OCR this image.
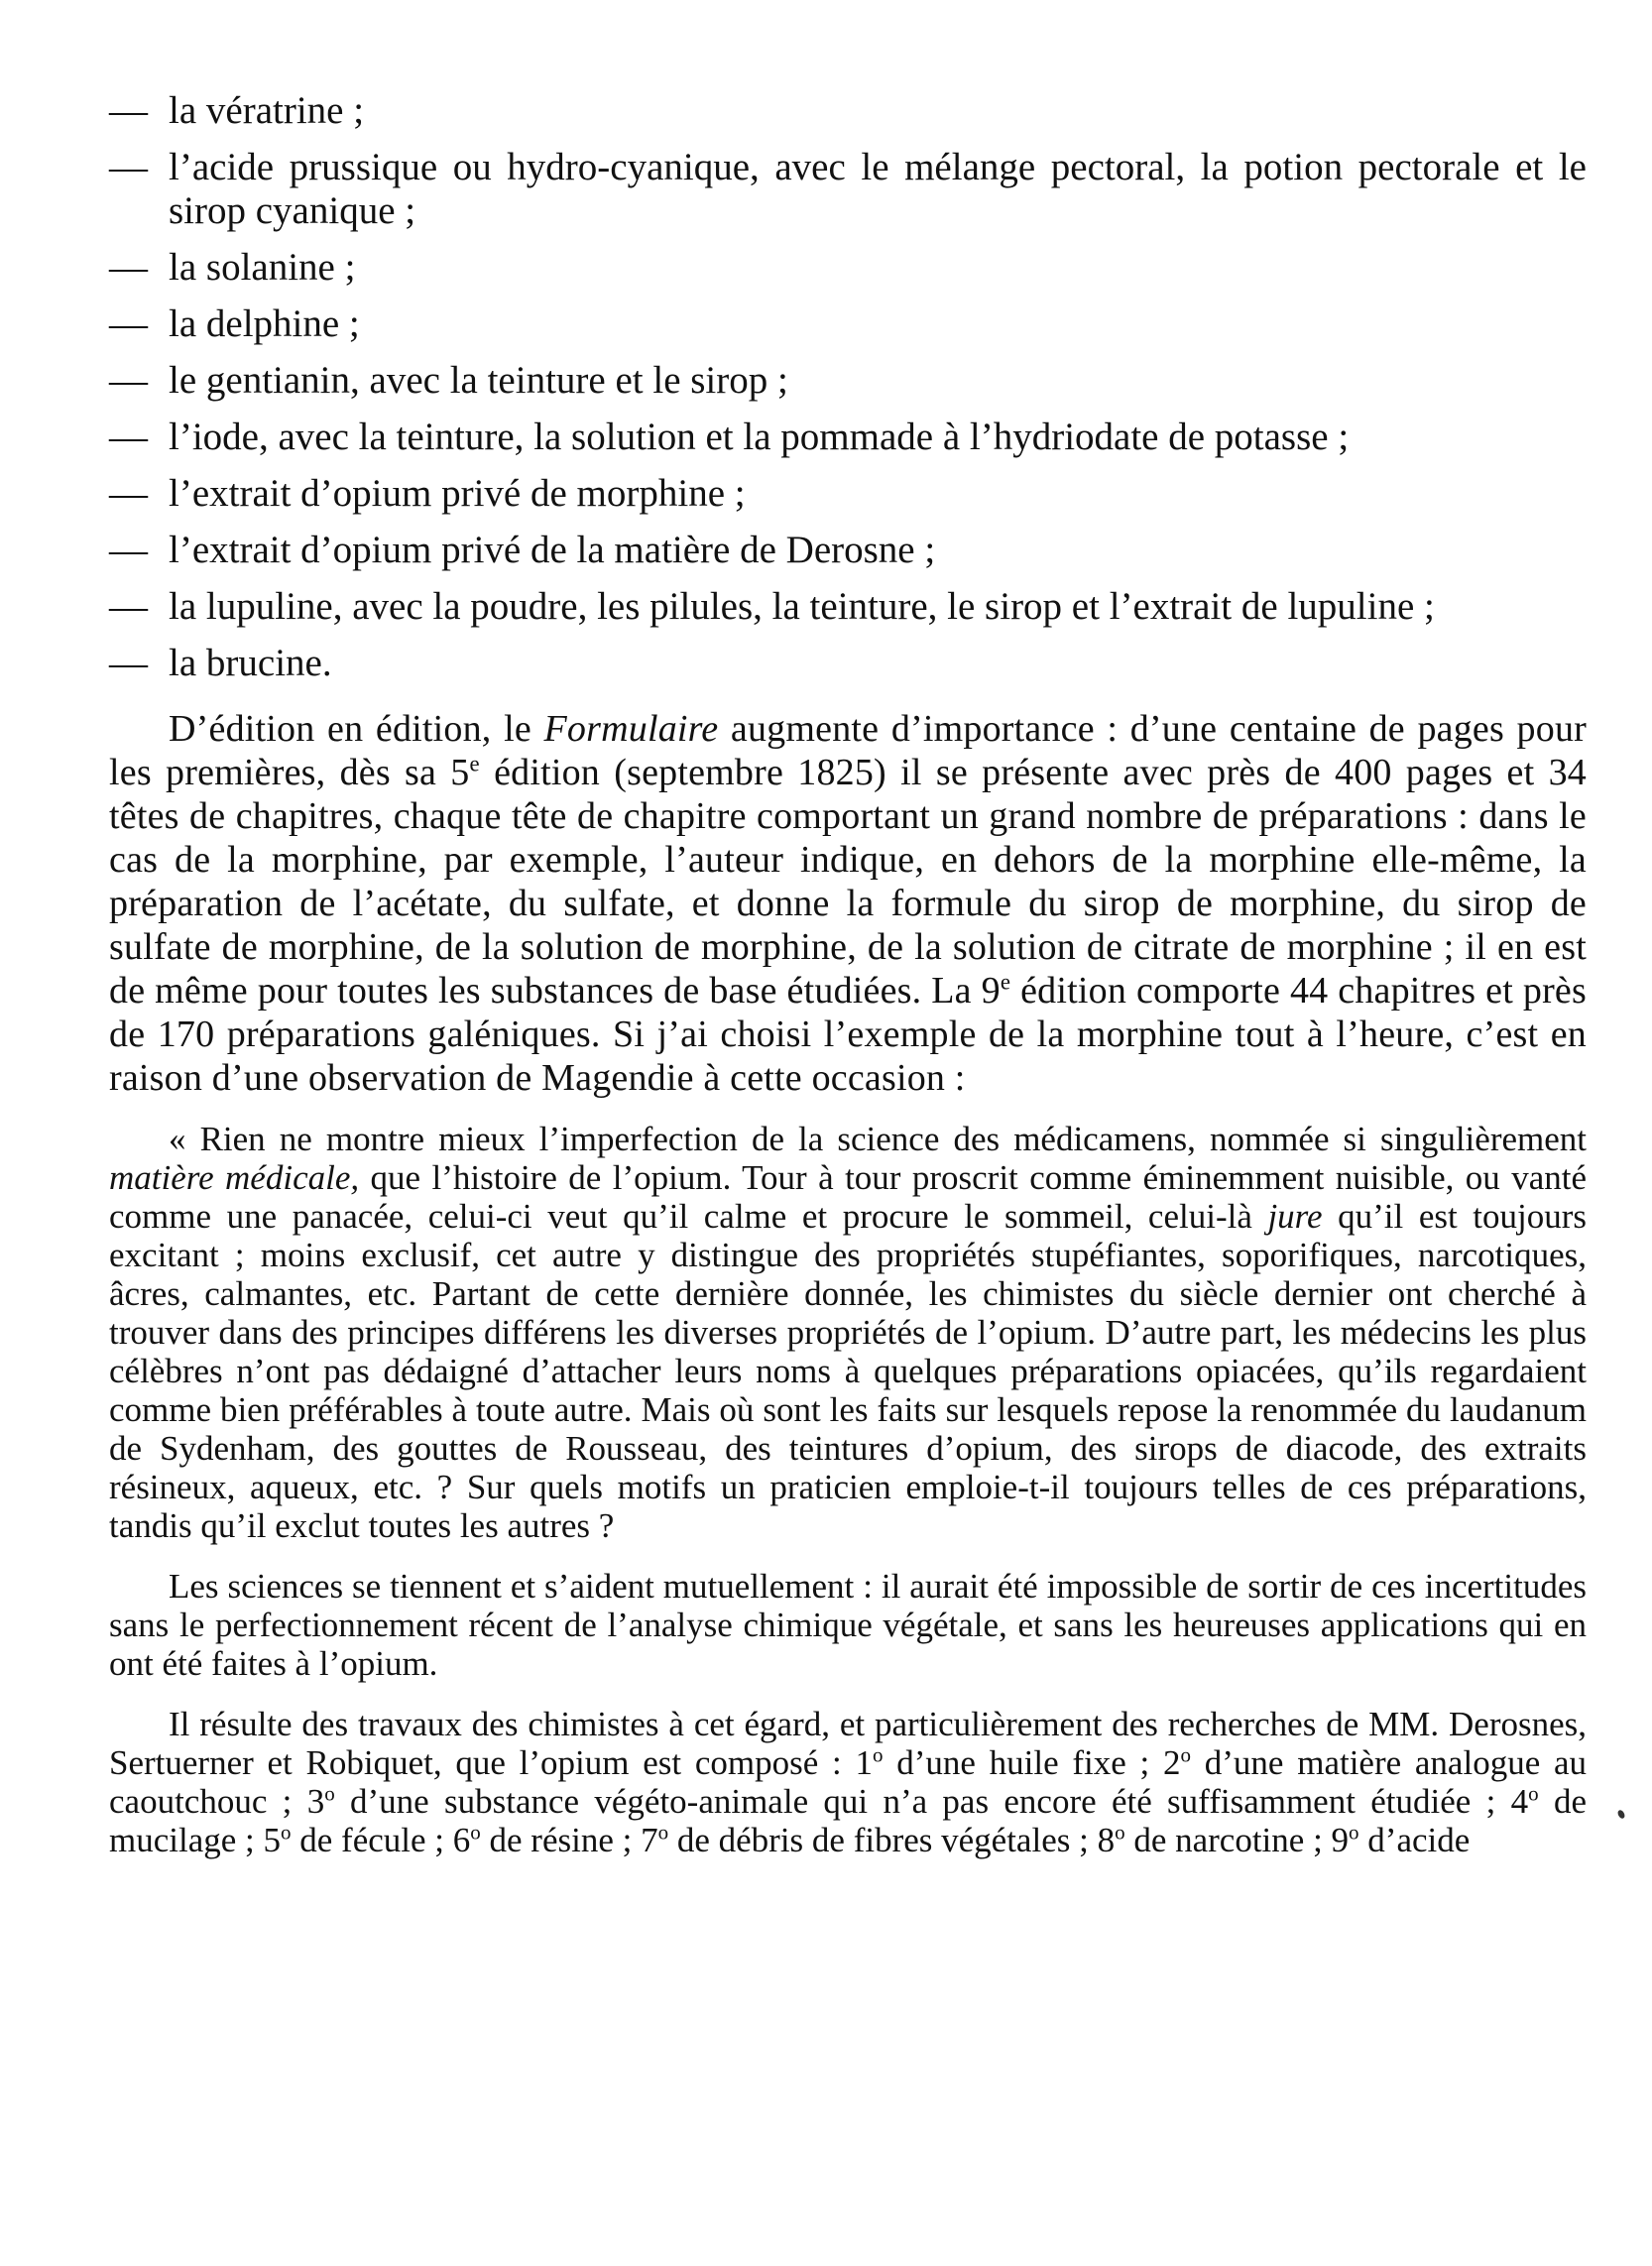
— la vératrine ;
— l’acide prussique ou hydro-cyanique, avec le mélange pectoral, la potion pectorale et le sirop cyanique ;
— la solanine ;
— la delphine ;
— le gentianin, avec la teinture et le sirop ;
— l’iode, avec la teinture, la solution et la pommade à l’hydriodate de potasse ;
— l’extrait d’opium privé de morphine ;
— l’extrait d’opium privé de la matière de Derosne ;
— la lupuline, avec la poudre, les pilules, la teinture, le sirop et l’extrait de lupuline ;
— la brucine.

D’édition en édition, le Formulaire augmente d’importance : d’une centaine de pages pour les premières, dès sa 5e édition (septembre 1825) il se présente avec près de 400 pages et 34 têtes de chapitres, chaque tête de chapitre comportant un grand nombre de préparations : dans le cas de la morphine, par exemple, l’auteur indique, en dehors de la morphine elle-même, la préparation de l’acétate, du sulfate, et donne la formule du sirop de morphine, du sirop de sulfate de morphine, de la solution de morphine, de la solution de citrate de morphine ; il en est de même pour toutes les substances de base étudiées. La 9e édition comporte 44 chapitres et près de 170 préparations galéniques. Si j’ai choisi l’exemple de la morphine tout à l’heure, c’est en raison d’une observation de Magendie à cette occasion :

« Rien ne montre mieux l’imperfection de la science des médicamens, nommée si singulièrement matière médicale, que l’histoire de l’opium. Tour à tour proscrit comme éminemment nuisible, ou vanté comme une panacée, celui-ci veut qu’il calme et procure le sommeil, celui-là jure qu’il est toujours excitant ; moins exclusif, cet autre y distingue des propriétés stupéfiantes, soporifiques, narcotiques, âcres, calmantes, etc. Partant de cette dernière donnée, les chimistes du siècle dernier ont cherché à trouver dans des principes différens les diverses propriétés de l’opium. D’autre part, les médecins les plus célèbres n’ont pas dédaigné d’attacher leurs noms à quelques préparations opiacées, qu’ils regardaient comme bien préférables à toute autre. Mais où sont les faits sur lesquels repose la renommée du laudanum de Sydenham, des gouttes de Rousseau, des teintures d’opium, des sirops de diacode, des extraits résineux, aqueux, etc. ? Sur quels motifs un praticien emploie-t-il toujours telles de ces préparations, tandis qu’il exclut toutes les autres ?

Les sciences se tiennent et s’aident mutuellement : il aurait été impossible de sortir de ces incertitudes sans le perfectionnement récent de l’analyse chimique végétale, et sans les heureuses applications qui en ont été faites à l’opium.

Il résulte des travaux des chimistes à cet égard, et particulièrement des recherches de MM. Derosnes, Sertuerner et Robiquet, que l’opium est composé : 1$^o$ d’une huile fixe ; 2$^o$ d’une matière analogue au caoutchouc ; 3$^o$ d’une substance végéto-animale qui n’a pas encore été suffisamment étudiée ; 4$^o$ de mucilage ; 5$^o$ de fécule ; 6$^o$ de résine ; 7$^o$ de débris de fibres végétales ; 8$^o$ de narcotine ; 9$^o$ d’acide
